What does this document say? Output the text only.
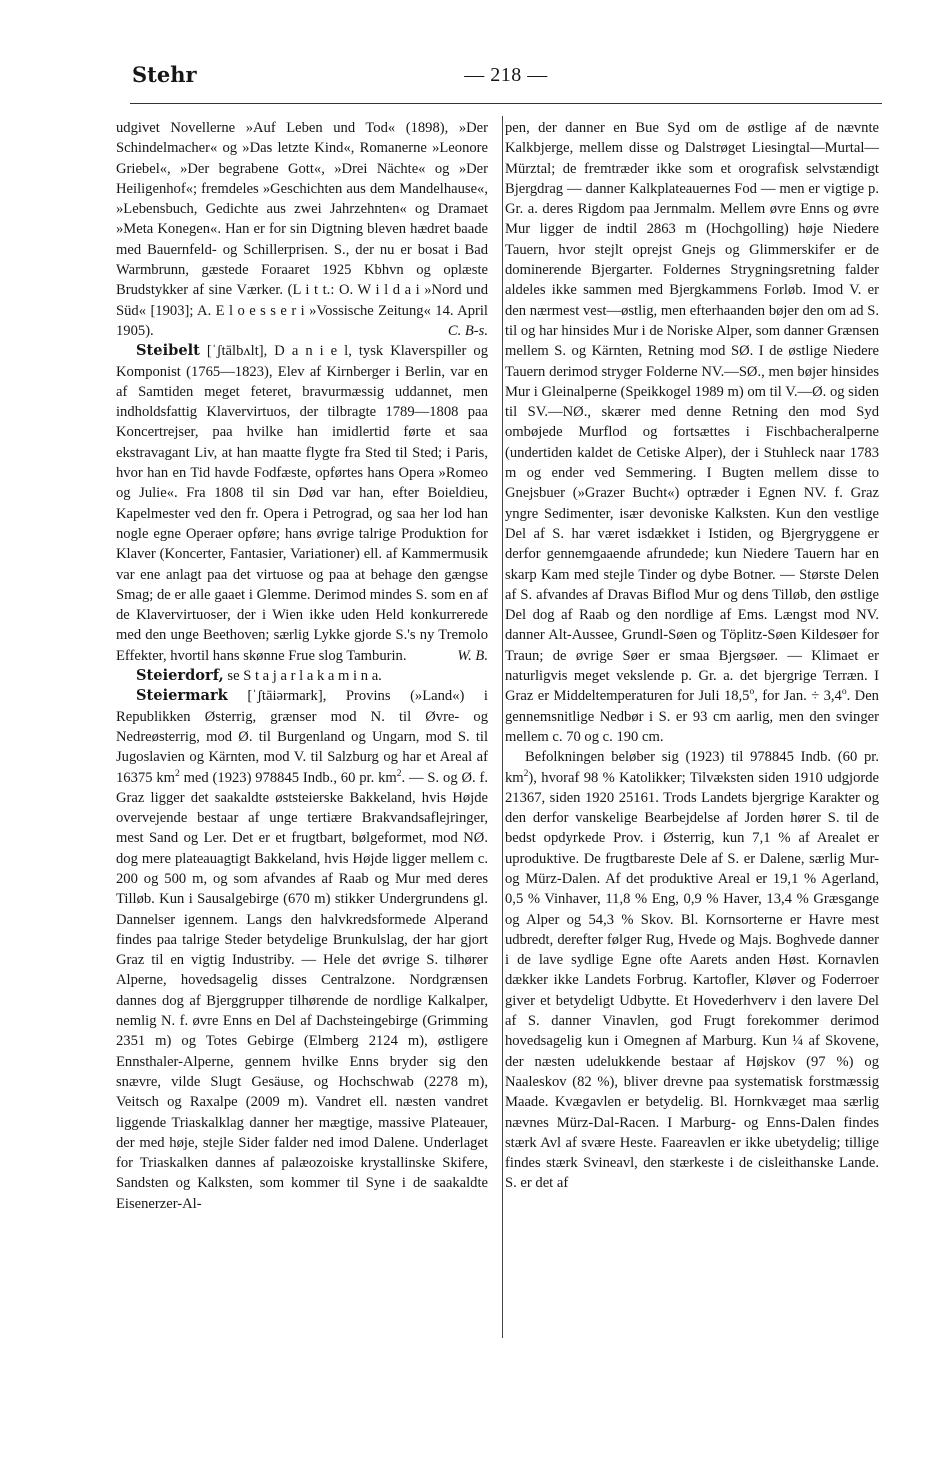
Stehr	— 218 —

udgivet Novellerne »Auf Leben und Tod« (1898), »Der Schindelmacher« og »Das letzte Kind«, Romanerne »Leonore Griebel«, »Der begrabene Gott«, »Drei Nächte« og »Der Heiligenhof«; fremdeles »Geschichten aus dem Mandelhause«, »Lebensbuch, Gedichte aus zwei Jahrzehnten« og Dramaet »Meta Konegen«. Han er for sin Digtning bleven hædret baade med Bauernfeld- og Schillerprisen. S., der nu er bosat i Bad Warmbrunn, gæstede Foraaret 1925 Kbhvn og oplæste Brudstykker af sine Værker. (L i t t.: O. W i l d a i »Nord und Süd« [1903]; A. E l o e s s e r i »Vossische Zeitung« 14. April 1905).	C. B-s.

Steibelt [ˈʃtālbʌlt], D a n i e l, tysk Klaverspiller og Komponist (1765—1823), Elev af Kirnberger i Berlin, var en af Samtiden meget feteret, bravurmæssig uddannet, men indholdsfattig Klavervirtuos, der tilbragte 1789—1808 paa Koncertrejser, paa hvilke han imidlertid førte et saa ekstravagant Liv, at han maatte flygte fra Sted til Sted; i Paris, hvor han en Tid havde Fodfæste, opførtes hans Opera »Romeo og Julie«. Fra 1808 til sin Død var han, efter Boieldieu, Kapelmester ved den fr. Opera i Petrograd, og saa her lod han nogle egne Operaer opføre; hans øvrige talrige Produktion for Klaver (Koncerter, Fantasier, Variationer) ell. af Kammermusik var ene anlagt paa det virtuose og paa at behage den gængse Smag; de er alle gaaet i Glemme. Derimod mindes S. som en af de Klavervirtuoser, der i Wien ikke uden Held konkurrerede med den unge Beethoven; særlig Lykke gjorde S.'s ny Tremolo Effekter, hvortil hans skønne Frue slog Tamburin.	W. B.

Steierdorf, se S t a j a r l a k a m i n a.

Steiermark [ˈʃtāiərmark], Provins (»Land«) i Republikken Østerrig, grænser mod N. til Øvre- og Nedreøsterrig, mod Ø. til Burgenland og Ungarn, mod S. til Jugoslavien og Kärnten, mod V. til Salzburg og har et Areal af 16375 $km^2$ med (1923) 978845 Indb., 60 pr. $km^2$. — S. og Ø. f. Graz ligger det saakaldte øststeierske Bakkeland, hvis Højde overvejende bestaar af unge tertiære Brakvandsaflejringer, mest Sand og Ler. Det er et frugtbart, bølgeformet, mod NØ. dog mere plateauagtigt Bakkeland, hvis Højde ligger mellem c. 200 og 500 m, og som afvandes af Raab og Mur med deres Tilløb. Kun i Sausalgebirge (670 m) stikker Undergrundens gl. Dannelser igennem. Langs den halvkredsformede Alperand findes paa talrige Steder betydelige Brunkulslag, der har gjort Graz til en vigtig Industriby. — Hele det øvrige S. tilhører Alperne, hovedsagelig disses Centralzone. Nordgrænsen dannes dog af Bjerggrupper tilhørende de nordlige Kalkalper, nemlig N. f. øvre Enns en Del af Dachsteingebirge (Grimming 2351 m) og Totes Gebirge (Elmberg 2124 m), østligere Ennsthaler-Alperne, gennem hvilke Enns bryder sig den snævre, vilde Slugt Gesäuse, og Hochschwab (2278 m), Veitsch og Raxalpe (2009 m). Vandret ell. næsten vandret liggende Triaskalklag danner her mægtige, massive Plateauer, der med høje, stejle Sider falder ned imod Dalene. Underlaget for Triaskalken dannes af palæozoiske krystallinske Skifere, Sandsten og Kalksten, som kommer til Syne i de saakaldte Eisenerzer-Al-

pen, der danner en Bue Syd om de østlige af de nævnte Kalkbjerge, mellem disse og Dalstrøget Liesingtal—Murtal—Mürztal; de fremtræder ikke som et orografisk selvstændigt Bjergdrag — danner Kalkplateauernes Fod — men er vigtige p. Gr. a. deres Rigdom paa Jernmalm. Mellem øvre Enns og øvre Mur ligger de indtil 2863 m (Hochgolling) høje Niedere Tauern, hvor stejlt oprejst Gnejs og Glimmerskifer er de dominerende Bjergarter. Foldernes Strygningsretning falder aldeles ikke sammen med Bjergkammens Forløb. Imod V. er den nærmest vest—østlig, men efterhaanden bøjer den om ad S. til og har hinsides Mur i de Noriske Alper, som danner Grænsen mellem S. og Kärnten, Retning mod SØ. I de østlige Niedere Tauern derimod stryger Folderne NV.—SØ., men bøjer hinsides Mur i Gleinalperne (Speikkogel 1989 m) om til V.—Ø. og siden til SV.—NØ., skærer med denne Retning den mod Syd ombøjede Murflod og fortsættes i Fischbacheralperne (undertiden kaldet de Cetiske Alper), der i Stuhleck naar 1783 m og ender ved Semmering. I Bugten mellem disse to Gnejsbuer (»Grazer Bucht«) optræder i Egnen NV. f. Graz yngre Sedimenter, især devoniske Kalksten. Kun den vestlige Del af S. har været isdækket i Istiden, og Bjergryggene er derfor gennemgaaende afrundede; kun Niedere Tauern har en skarp Kam med stejle Tinder og dybe Botner. — Største Delen af S. afvandes af Dravas Biflod Mur og dens Tilløb, den østlige Del dog af Raab og den nordlige af Ems. Længst mod NV. danner Alt-Aussee, Grundl-Søen og Töplitz-Søen Kildesøer for Traun; de øvrige Søer er smaa Bjergsøer. — Klimaet er naturligvis meget vekslende p. Gr. a. det bjergrige Terræn. I Graz er Middeltemperaturen for Juli 18,5$^o$, for Jan. ÷ $3,4^o$. Den gennemsnitlige Nedbør i S. er 93 cm aarlig, men den svinger mellem c. 70 og c. 190 cm.

Befolkningen beløber sig (1923) til 978845 Indb. (60 pr. $km^2$), hvoraf 98 % Katolikker; Tilvæksten siden 1910 udgjorde 21367, siden 1920 25161. Trods Landets bjergrige Karakter og den derfor vanskelige Bearbejdelse af Jorden hører S. til de bedst opdyrkede Prov. i Østerrig, kun 7,1 % af Arealet er uproduktive. De frugtbareste Dele af S. er Dalene, særlig Mur- og Mürz-Dalen. Af det produktive Areal er 19,1 % Agerland, 0,5 % Vinhaver, 11,8 % Eng, 0,9 % Haver, 13,4 % Græsgange og Alper og 54,3 % Skov. Bl. Kornsorterne er Havre mest udbredt, derefter følger Rug, Hvede og Majs. Boghvede danner i de lave sydlige Egne ofte Aarets anden Høst. Kornavlen dækker ikke Landets Forbrug. Kartofler, Kløver og Foderroer giver et betydeligt Udbytte. Et Hovederhverv i den lavere Del af S. danner Vinavlen, god Frugt forekommer derimod hovedsagelig kun i Omegnen af Marburg. Kun ¼ af Skovene, der næsten udelukkende bestaar af Højskov (97 %) og Naaleskov (82 %), bliver drevne paa systematisk forstmæssig Maade. Kvægavlen er betydelig. Bl. Hornkvæget maa særlig nævnes Mürz-Dal-Racen. I Marburg- og Enns-Dalen findes stærk Avl af svære Heste. Faareavlen er ikke ubetydelig; tillige findes stærk Svineavl, den stærkeste i de cisleithanske Lande. S. er det af
